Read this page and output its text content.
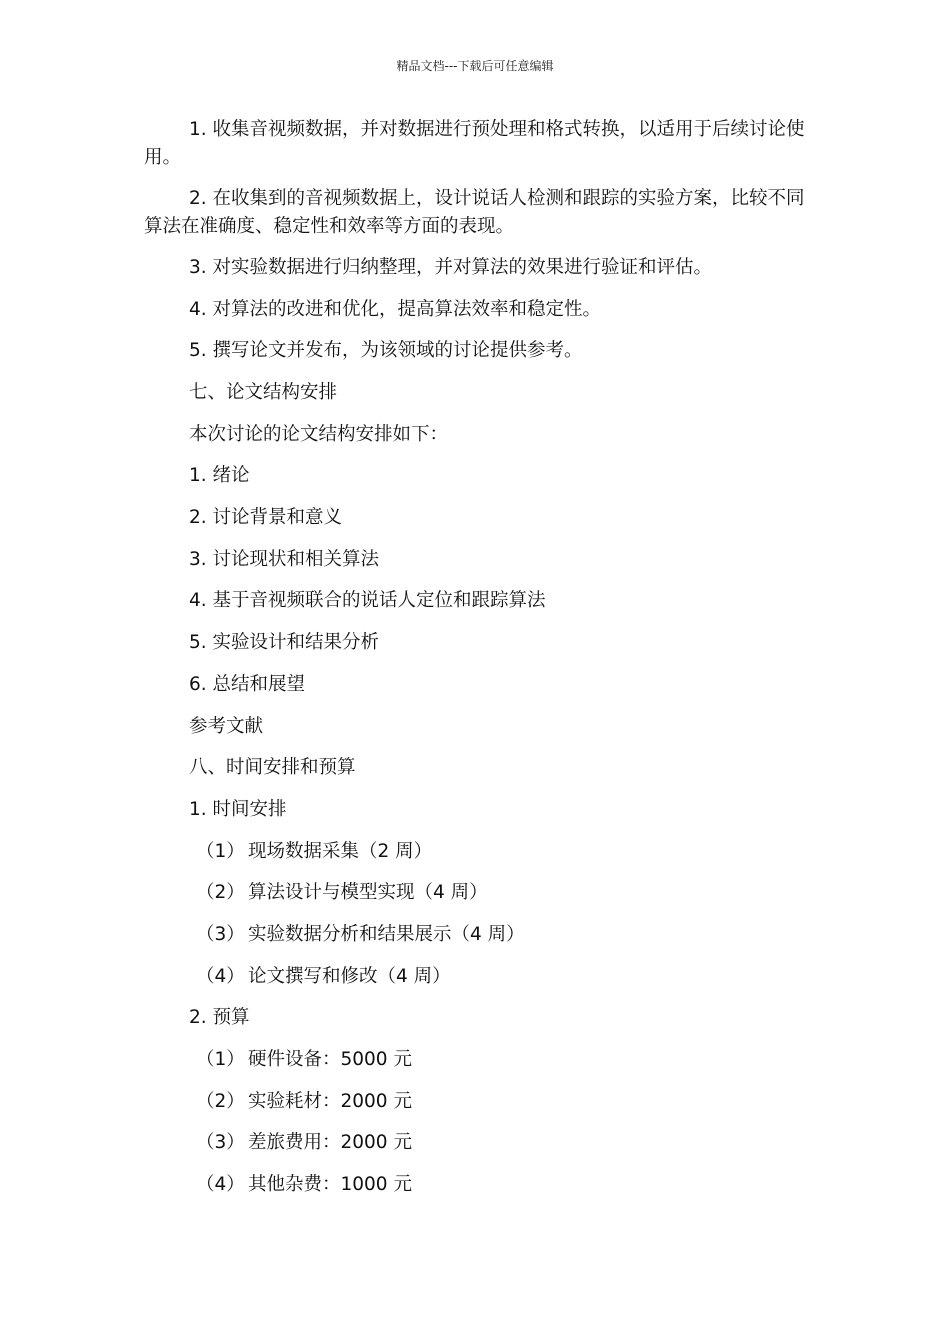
精品文档---下载后可任意编辑
1. 收集音视频数据，并对数据进行预处理和格式转换，以适用于后续讨论使用。
2. 在收集到的音视频数据上，设计说话人检测和跟踪的实验方案，比较不同算法在准确度、稳定性和效率等方面的表现。
3. 对实验数据进行归纳整理，并对算法的效果进行验证和评估。
4. 对算法的改进和优化，提高算法效率和稳定性。
5. 撰写论文并发布，为该领域的讨论提供参考。
七、论文结构安排
本次讨论的论文结构安排如下：
1. 绪论
2. 讨论背景和意义
3. 讨论现状和相关算法
4. 基于音视频联合的说话人定位和跟踪算法
5. 实验设计和结果分析
6. 总结和展望
参考文献
八、时间安排和预算
1. 时间安排
（1） 现场数据采集（2 周）
（2） 算法设计与模型实现（4 周）
（3） 实验数据分析和结果展示（4 周）
（4） 论文撰写和修改（4 周）
2. 预算
（1） 硬件设备：5000 元
（2） 实验耗材：2000 元
（3） 差旅费用：2000 元
（4） 其他杂费：1000 元
